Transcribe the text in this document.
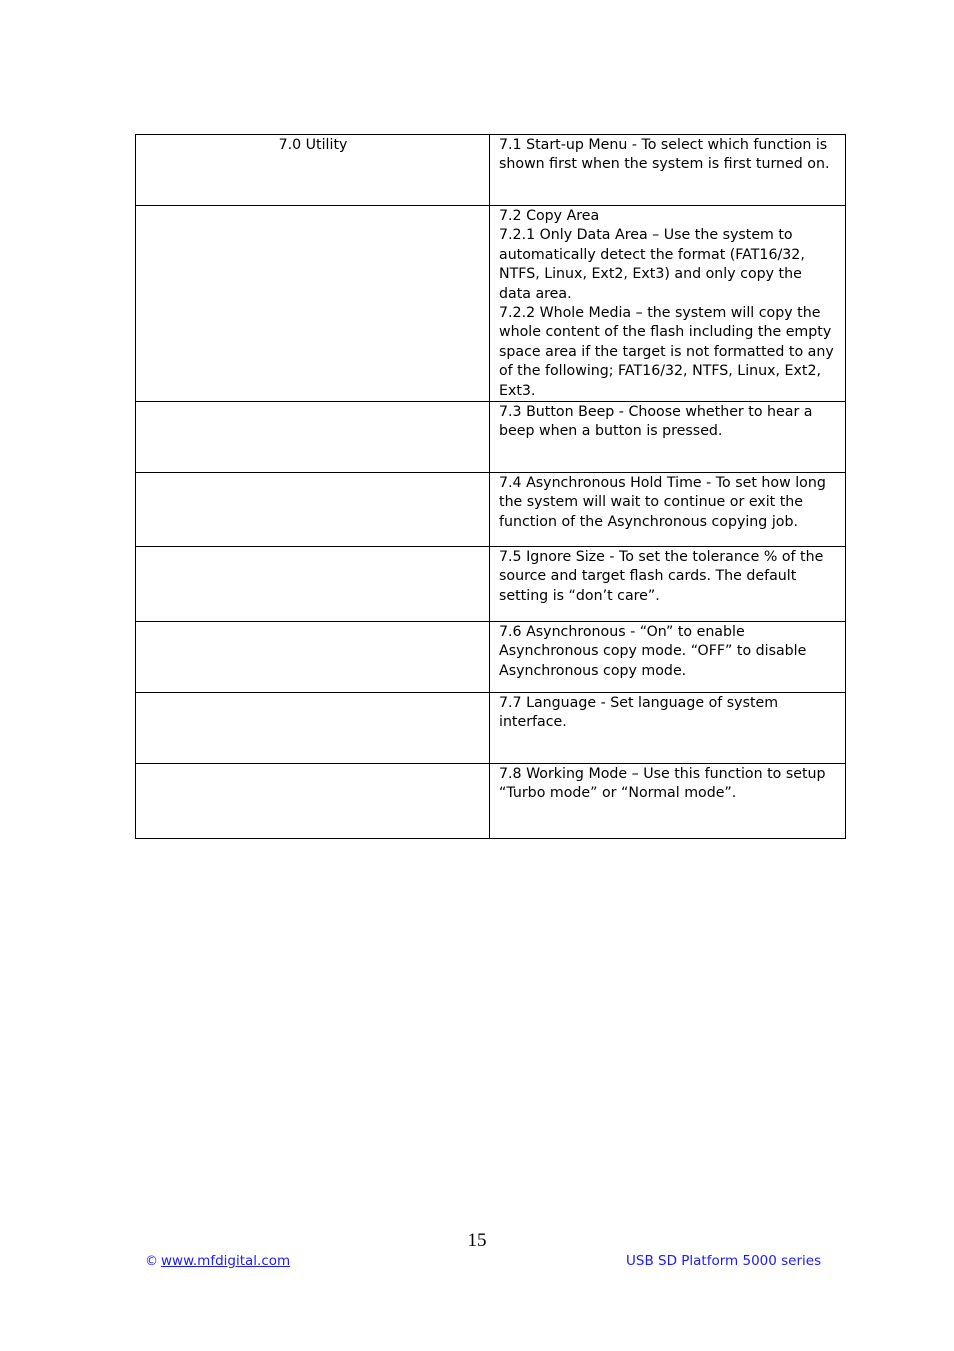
7.0 Utility	7.1 Start-up Menu - To select which function is shown first when the system is first turned on.

	7.2 Copy Area
7.2.1 Only Data Area – Use the system to automatically detect the format (FAT16/32, NTFS, Linux, Ext2, Ext3) and only copy the data area.
7.2.2 Whole Media – the system will copy the whole content of the flash including the empty space area if the target is not formatted to any of the following; FAT16/32, NTFS, Linux, Ext2, Ext3.

	7.3 Button Beep - Choose whether to hear a beep when a button is pressed.

	7.4 Asynchronous Hold Time - To set how long the system will wait to continue or exit the function of the Asynchronous copying job.

	7.5 Ignore Size - To set the tolerance % of the source and target flash cards. The default setting is “don’t care”.

	7.6 Asynchronous - “On” to enable Asynchronous copy mode. “OFF” to disable Asynchronous copy mode.

	7.7 Language - Set language of system interface.

	7.8 Working Mode – Use this function to setup “Turbo mode” or “Normal mode”.
15
© www.mfdigital.com	USB SD Platform 5000 series
